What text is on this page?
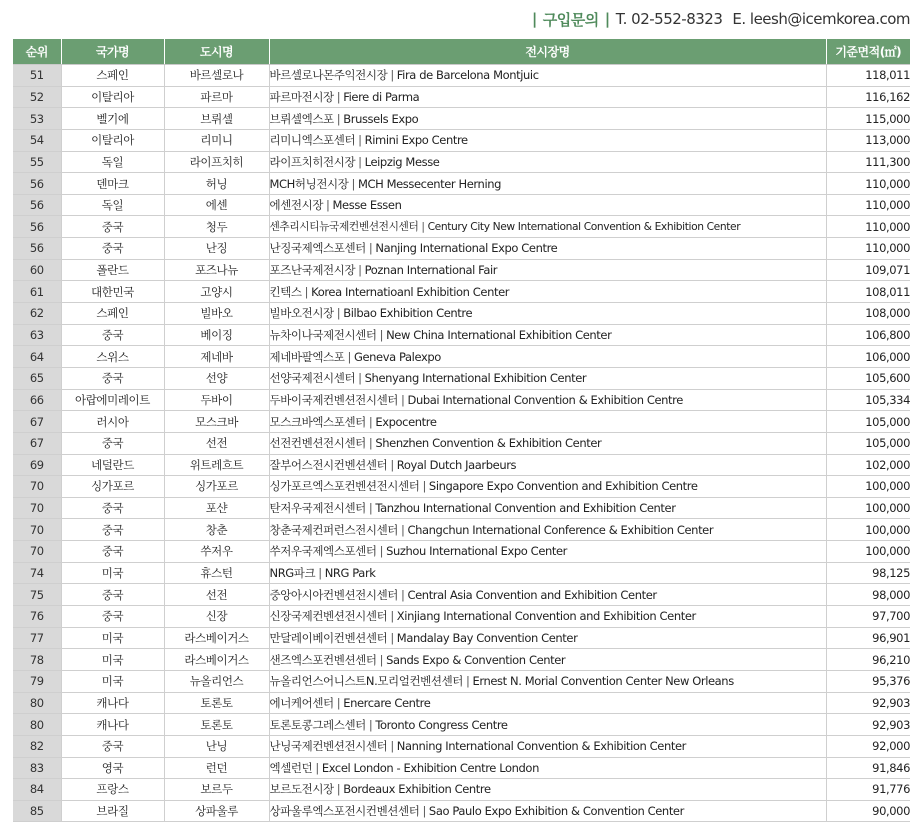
| 구입문의 | T. 02-552-8323 E. leesh@icemkorea.com
순위	국가명	도시명	전시장명	기준면적(㎡)
51	스페인	바르셀로나	바르셀로나몬주익전시장 | Fira de Barcelona Montjuic	118,011
52	이탈리아	파르마	파르마전시장 | Fiere di Parma	116,162
53	벨기에	브뤼셀	브뤼셀엑스포 | Brussels Expo	115,000
54	이탈리아	리미니	리미니엑스포센터 | Rimini Expo Centre	113,000
55	독일	라이프치히	라이프치히전시장 | Leipzig Messe	111,300
56	덴마크	허닝	MCH허닝전시장 | MCH Messecenter Herning	110,000
56	독일	에센	에센전시장 | Messe Essen	110,000
56	중국	청두	센추리시티뉴국제컨벤션전시센터 | Century City New International Convention & Exhibition Center	110,000
56	중국	난징	난징국제엑스포센터 | Nanjing International Expo Centre	110,000
60	폴란드	포즈나뉴	포즈난국제전시장 | Poznan International Fair	109,071
61	대한민국	고양시	킨텍스 | Korea Internatioanl Exhibition Center	108,011
62	스페인	빌바오	빌바오전시장 | Bilbao Exhibition Centre	108,000
63	중국	베이징	뉴차이나국제전시센터 | New China International Exhibition Center	106,800
64	스위스	제네바	제네바팔엑스포 | Geneva Palexpo	106,000
65	중국	선양	선양국제전시센터 | Shenyang International Exhibition Center	105,600
66	아랍에미레이트	두바이	두바이국제컨벤션전시센터 | Dubai International Convention & Exhibition Centre	105,334
67	러시아	모스크바	모스크바엑스포센터 | Expocentre	105,000
67	중국	선전	선전컨벤션전시센터 | Shenzhen Convention & Exhibition Center	105,000
69	네덜란드	위트레흐트	잘부어스전시컨벤션센터 | Royal Dutch Jaarbeurs	102,000
70	싱가포르	싱가포르	싱가포르엑스포컨벤션전시센터 | Singapore Expo Convention and Exhibition Centre	100,000
70	중국	포샨	탄저우국제전시센터 | Tanzhou International Convention and Exhibition Center	100,000
70	중국	창춘	창춘국제컨퍼런스전시센터 | Changchun International Conference & Exhibition Center	100,000
70	중국	쑤저우	쑤저우국제엑스포센터 | Suzhou International Expo Center	100,000
74	미국	휴스턴	NRG파크 | NRG Park	98,125
75	중국	선전	중앙아시아컨벤션전시센터 | Central Asia Convention and Exhibition Center	98,000
76	중국	신장	신장국제컨벤션전시센터 | Xinjiang International Convention and Exhibition Center	97,700
77	미국	라스베이거스	만달레이베이컨벤션센터 | Mandalay Bay Convention Center	96,901
78	미국	라스베이거스	샌즈엑스포컨벤션센터 | Sands Expo & Convention Center	96,210
79	미국	뉴올리언스	뉴올리언스어니스트N.모리얼컨벤션센터 | Ernest N. Morial Convention Center New Orleans	95,376
80	캐나다	토론토	에너케어센터 | Enercare Centre	92,903
80	캐나다	토론토	토론토콩그레스센터 | Toronto Congress Centre	92,903
82	중국	난닝	난닝국제컨벤션전시센터 | Nanning International Convention & Exhibition Center	92,000
83	영국	런던	엑셀런던 | Excel London - Exhibition Centre London	91,846
84	프랑스	보르두	보르도전시장 | Bordeaux Exhibition Centre	91,776
85	브라질	상파울루	상파울루엑스포전시컨벤션센터 | Sao Paulo Expo Exhibition & Convention Center	90,000
